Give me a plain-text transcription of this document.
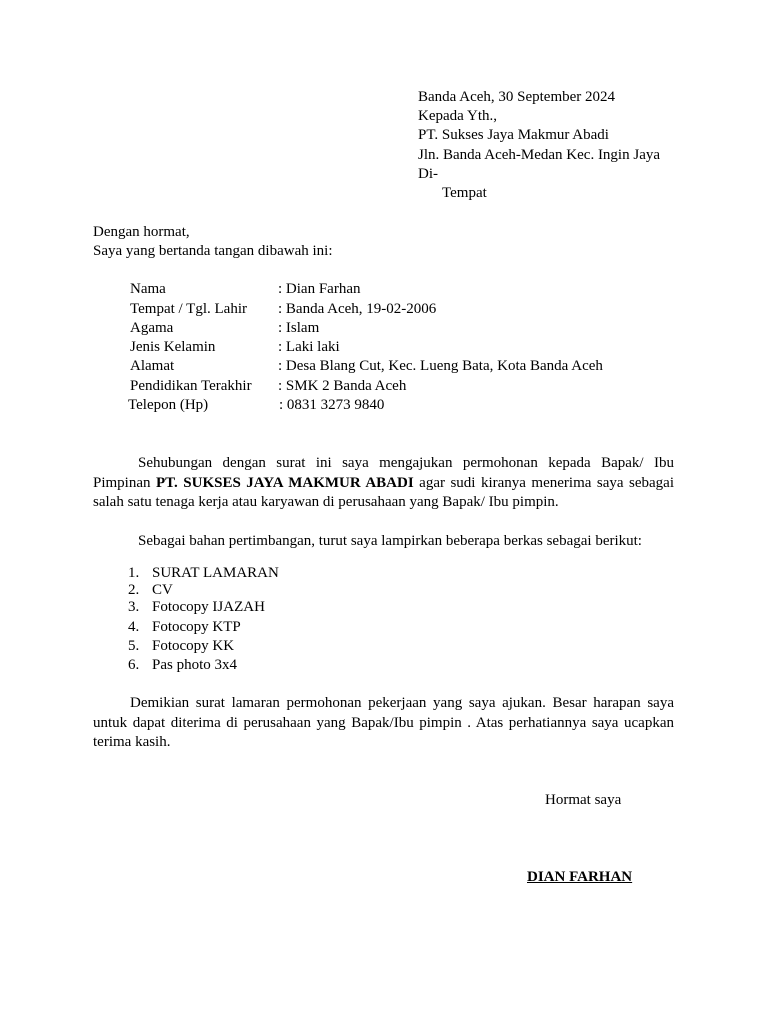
Banda Aceh, 30 September 2024
Kepada Yth.,
PT. Sukses Jaya Makmur Abadi
Jln. Banda Aceh-Medan Kec. Ingin Jaya
Di-
Tempat
Dengan hormat,
Saya yang bertanda tangan dibawah ini:
Nama	: Dian Farhan
Tempat / Tgl. Lahir : Banda Aceh, 19-02-2006
Agama	: Islam
Jenis Kelamin	: Laki laki
Alamat	: Desa Blang Cut, Kec. Lueng Bata, Kota Banda Aceh
Pendidikan Terakhir : SMK 2 Banda Aceh
Telepon (Hp)	: 0831 3273 9840
Sehubungan dengan surat ini saya mengajukan permohonan kepada Bapak/ Ibu Pimpinan PT. SUKSES JAYA MAKMUR ABADI agar sudi kiranya menerima saya sebagai salah satu tenaga kerja atau karyawan di perusahaan yang Bapak/ Ibu pimpin.
Sebagai bahan pertimbangan, turut saya lampirkan beberapa berkas sebagai berikut:
1. SURAT LAMARAN
2. CV
3. Fotocopy IJAZAH
4. Fotocopy KTP
5. Fotocopy KK
6. Pas photo 3x4
Demikian surat lamaran permohonan pekerjaan yang saya ajukan. Besar harapan saya untuk dapat diterima di perusahaan yang Bapak/Ibu pimpin . Atas perhatiannya saya ucapkan terima kasih.
Hormat saya
DIAN FARHAN
